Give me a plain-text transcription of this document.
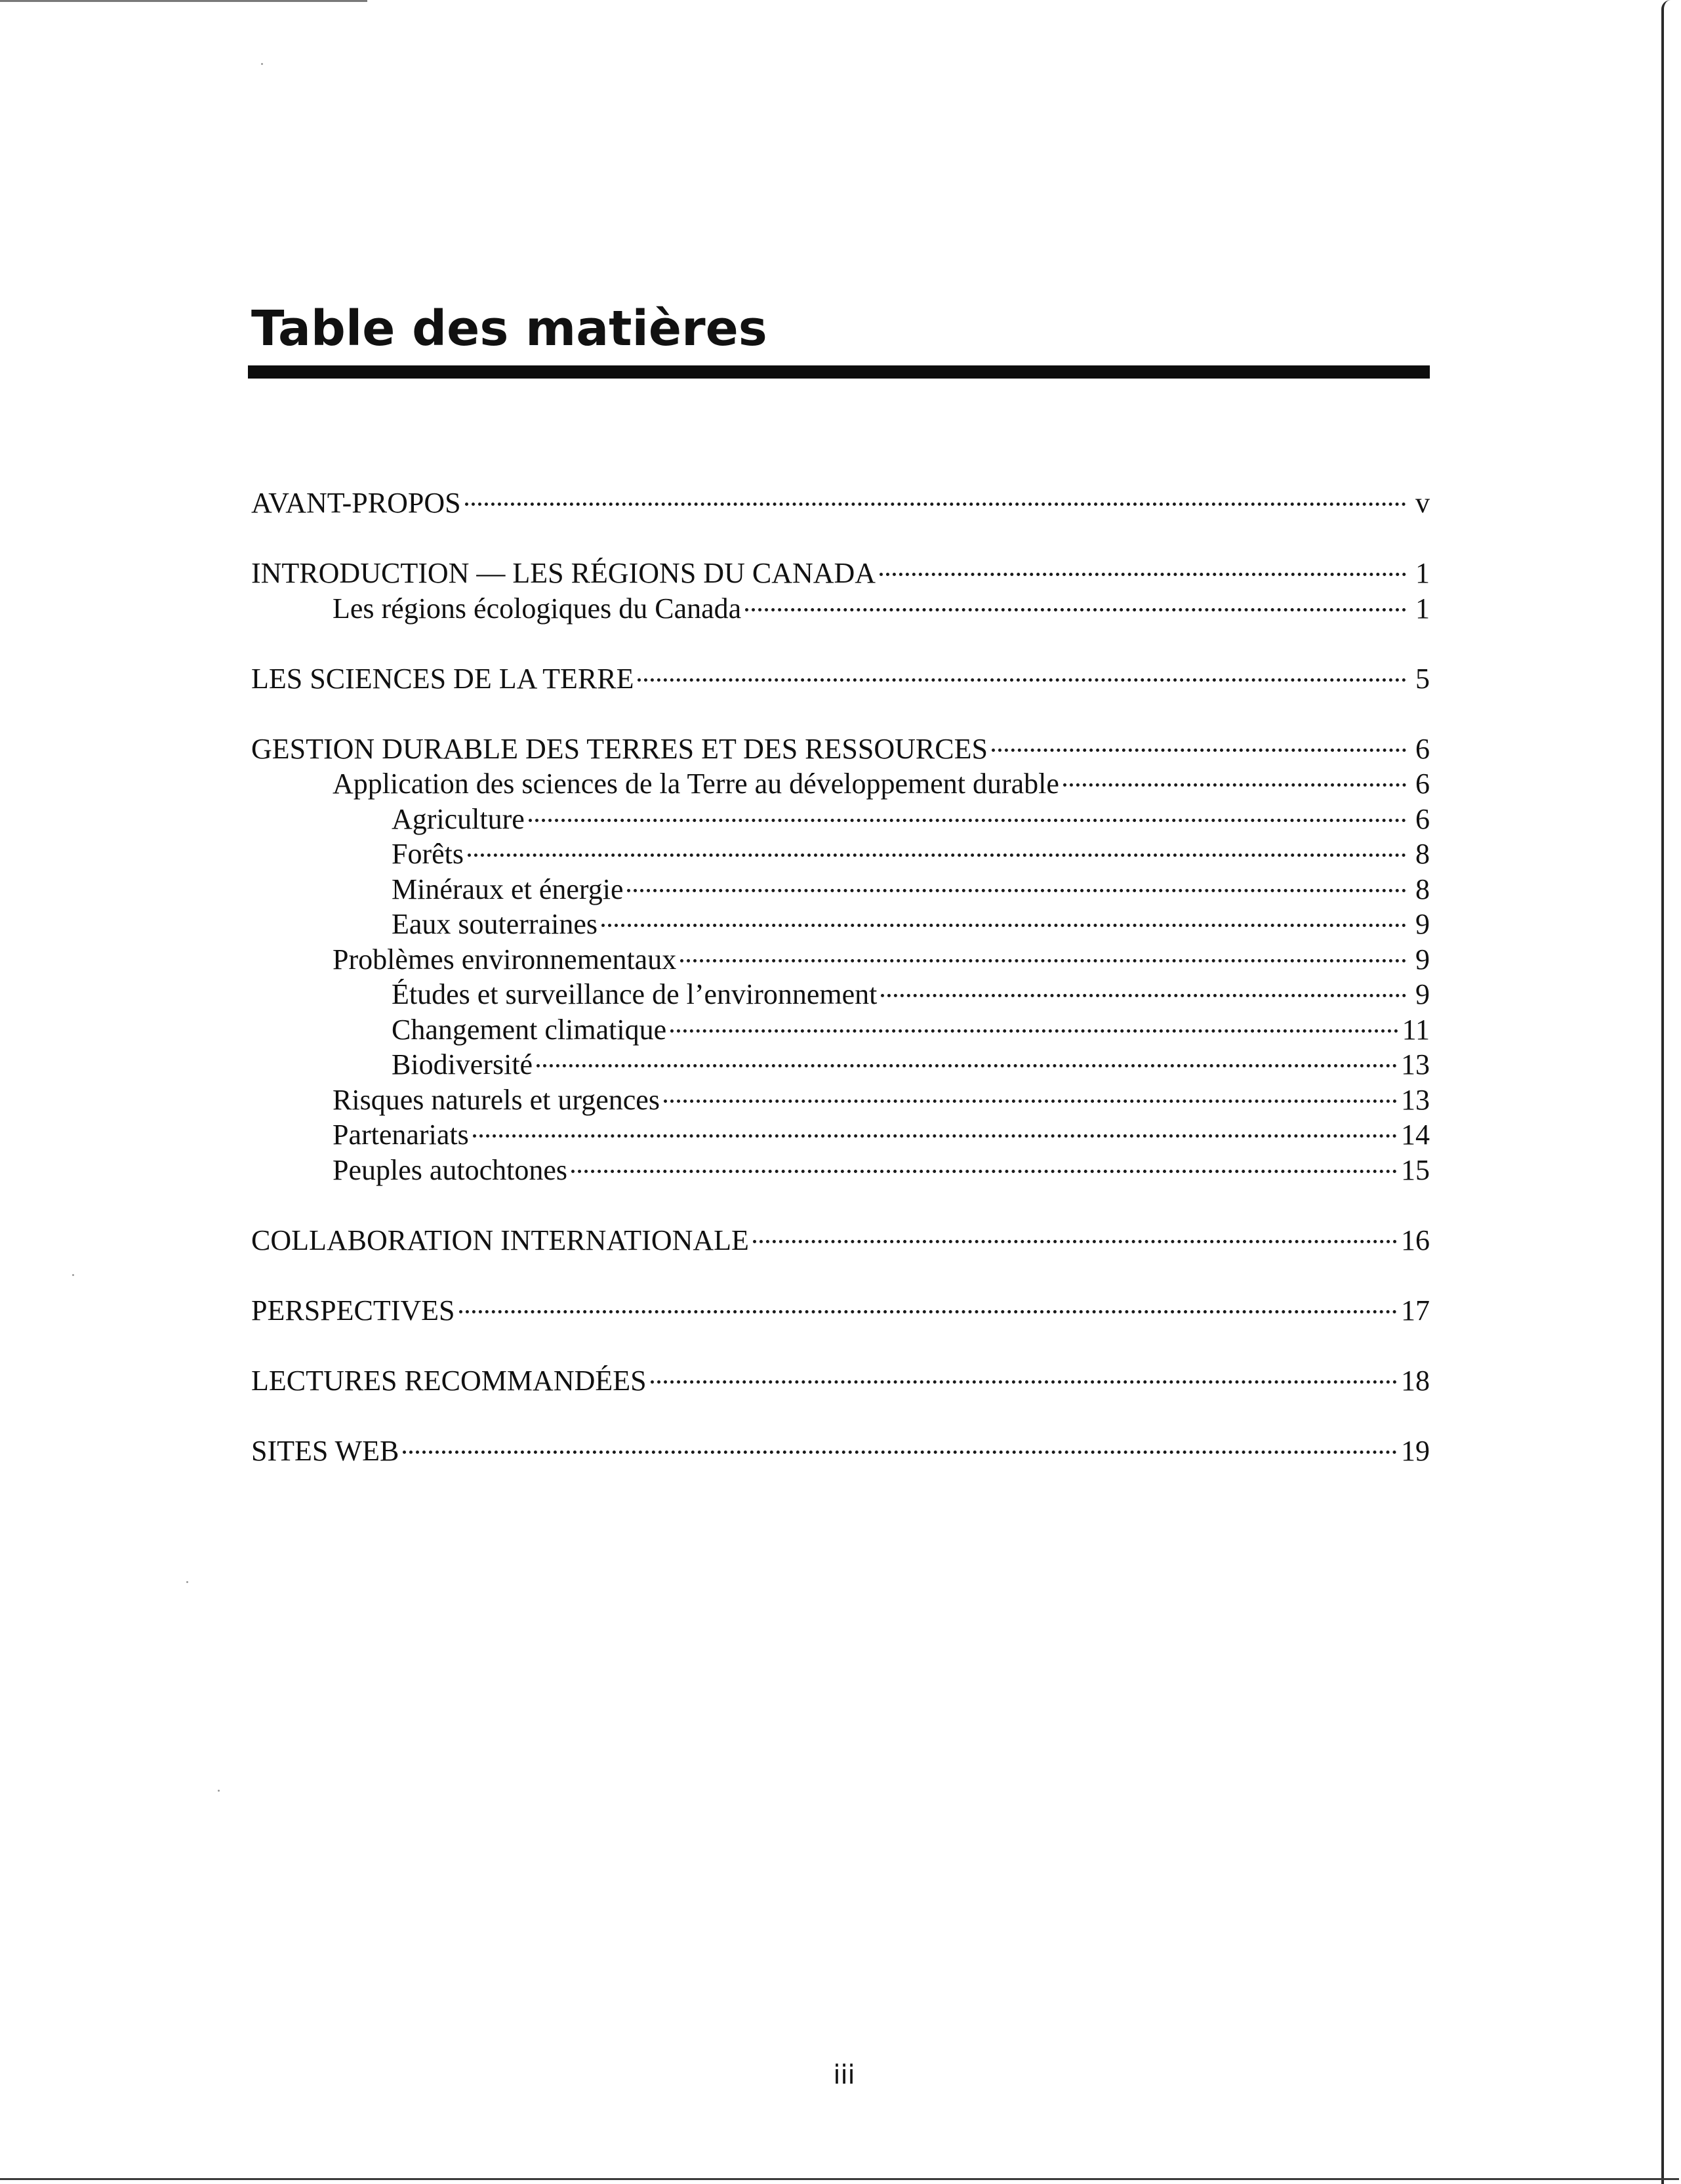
Table des matières
AVANT-PROPOS	v
INTRODUCTION — LES RÉGIONS DU CANADA	1
Les régions écologiques du Canada	1
LES SCIENCES DE LA TERRE	5
GESTION DURABLE DES TERRES ET DES RESSOURCES	6
Application des sciences de la Terre au développement durable	6
Agriculture	6
Forêts	8
Minéraux et énergie	8
Eaux souterraines	9
Problèmes environnementaux	9
Études et surveillance de l’environnement	9
Changement climatique	11
Biodiversité	13
Risques naturels et urgences	13
Partenariats	14
Peuples autochtones	15
COLLABORATION INTERNATIONALE	16
PERSPECTIVES	17
LECTURES RECOMMANDÉES	18
SITES WEB	19
iii
